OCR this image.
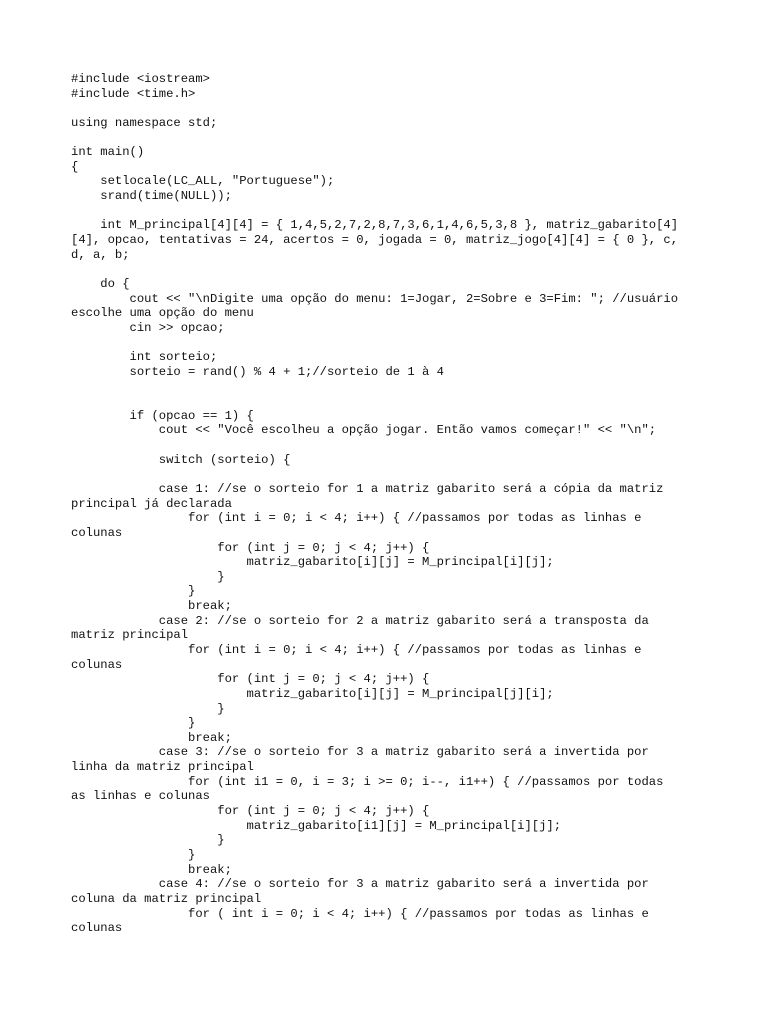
#include <iostream>
#include <time.h>
using namespace std;
int main()
{
setlocale(LC_ALL, "Portuguese");
srand(time(NULL));
int M_principal[4][4] = { 1,4,5,2,7,2,8,7,3,6,1,4,6,5,3,8 }, matriz_gabarito[4]
[4], opcao, tentativas = 24, acertos = 0, jogada = 0, matriz_jogo[4][4] = { 0 }, c,
d, a, b;
do {
cout << "\nDigite uma opção do menu: 1=Jogar, 2=Sobre e 3=Fim: "; //usuário
escolhe uma opção do menu
cin >> opcao;
int sorteio;
sorteio = rand() % 4 + 1;//sorteio de 1 à 4
if (opcao == 1) {
cout << "Você escolheu a opção jogar. Então vamos começar!" << "\n";
switch (sorteio) {
case 1: //se o sorteio for 1 a matriz gabarito será a cópia da matriz
principal já declarada
for (int i = 0; i < 4; i++) { //passamos por todas as linhas e
colunas
for (int j = 0; j < 4; j++) {
matriz_gabarito[i][j] = M_principal[i][j];
}
}
break;
case 2: //se o sorteio for 2 a matriz gabarito será a transposta da
matriz principal
for (int i = 0; i < 4; i++) { //passamos por todas as linhas e
colunas
for (int j = 0; j < 4; j++) {
matriz_gabarito[i][j] = M_principal[j][i];
}
}
break;
case 3: //se o sorteio for 3 a matriz gabarito será a invertida por
linha da matriz principal
for (int i1 = 0, i = 3; i >= 0; i--, i1++) { //passamos por todas
as linhas e colunas
for (int j = 0; j < 4; j++) {
matriz_gabarito[i1][j] = M_principal[i][j];
}
}
break;
case 4: //se o sorteio for 3 a matriz gabarito será a invertida por
coluna da matriz principal
for ( int i = 0; i < 4; i++) { //passamos por todas as linhas e
colunas
